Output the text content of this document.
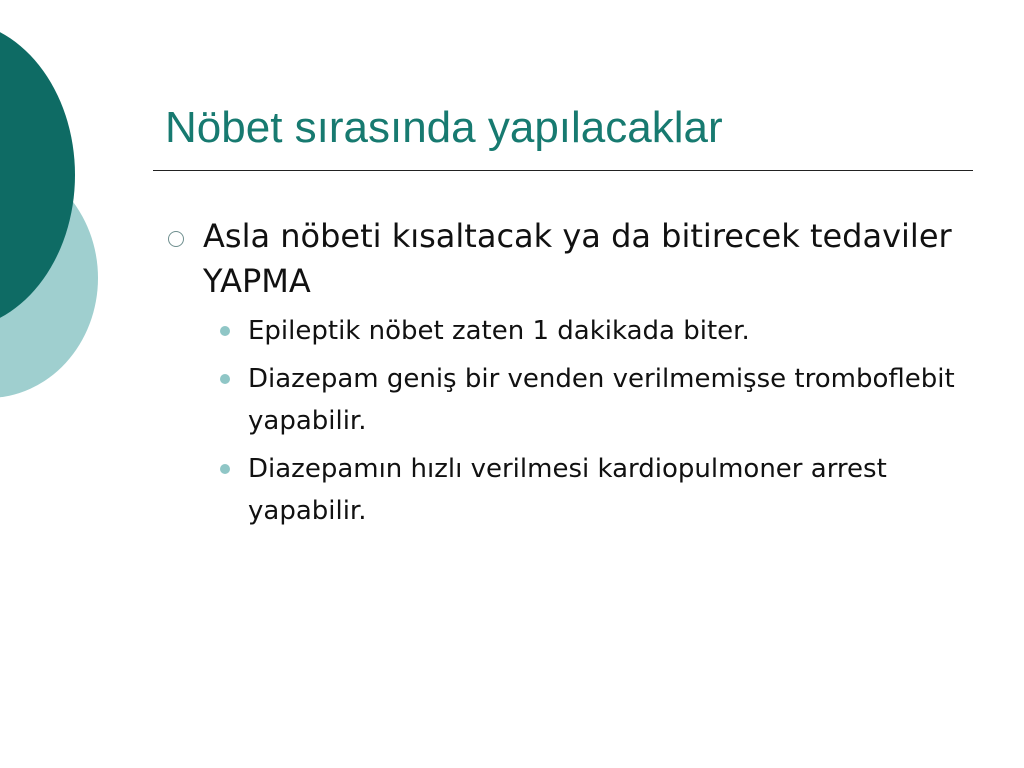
Nöbet sırasında yapılacaklar
Asla nöbeti kısaltacak ya da bitirecek tedaviler YAPMA
Epileptik nöbet zaten 1 dakikada biter.
Diazepam geniş bir venden verilmemişse tromboflebit yapabilir.
Diazepamın hızlı verilmesi kardiopulmoner arrest yapabilir.
